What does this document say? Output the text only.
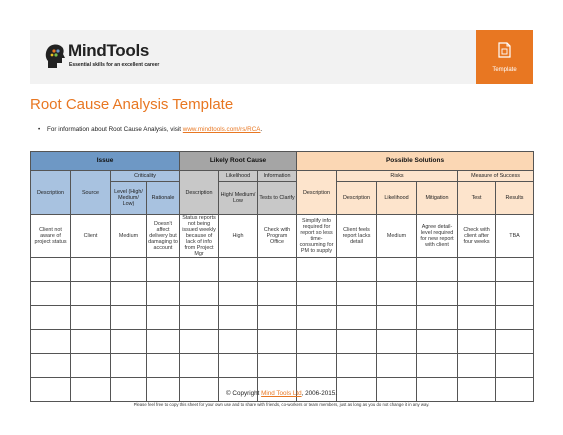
MindTools
Essential skills for an excellent career
Template
Root Cause Analysis Template
• For information about Root Cause Analysis, visit www.mindtools.com/rs/RCA.
Issue				Likely Root Cause			Possible Solutions					
Description	Source	Criticality		Description	Likelihood	Information	Description	Risks			Measure of Success	
		Level (High/ Medium/ Low)	Rationale		High/ Medium/ Low	Tests to Clarify		Description	Likelihood	Mitigation	Test	Results
Client not aware of project status	Client	Medium	Doesn't affect delivery but damaging to account	Status reports not being issued weekly because of lack of info from Project Mgr	High	Check with Program Office	Simplify info required for report so less time-consuming for PM to supply	Client feels report lacks detail	Medium	Agree detail-level required for new report with client	Check with client after four weeks	TBA

© Copyright Mind Tools Ltd, 2006-2015.
Please feel free to copy this sheet for your own use and to share with friends, co-workers or team members, just as long as you do not change it in any way.
